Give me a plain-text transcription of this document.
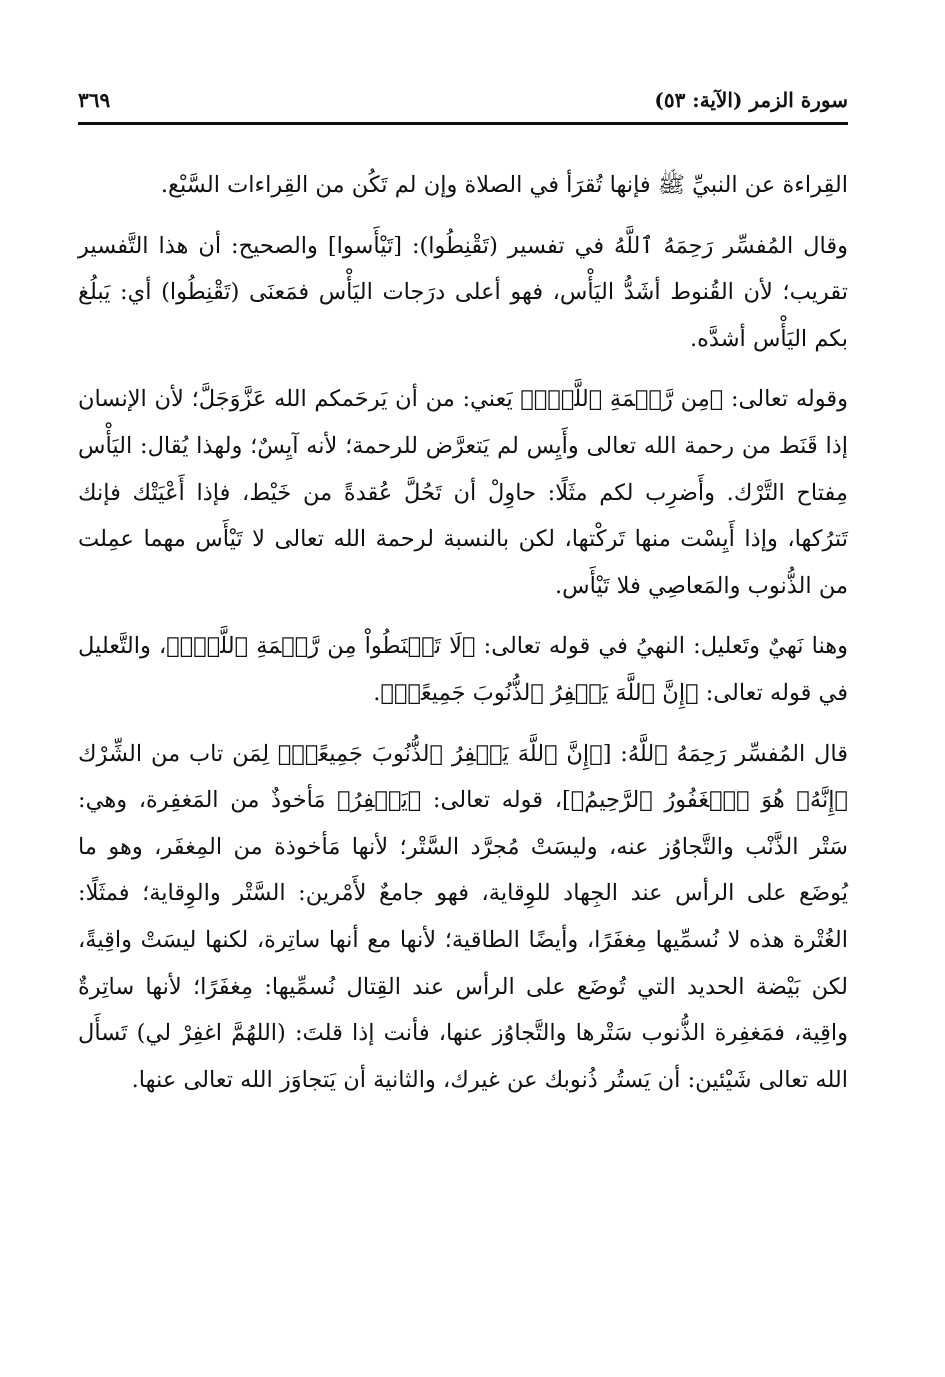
سورة الزمر (الآية: ٥٣)
٣٦٩

القِراءة عن النبيِّ ﷺ فإنها تُقرَأ في الصلاة وإن لم تَكُن من القِراءات السَّبْع.

وقال المُفسِّر رَحِمَهُ ٱللَّهُ في تفسير (تَقْنِطُوا): [تَيْأَسوا] والصحيح: أن هذا التَّفسير تقريب؛ لأن القُنوط أشَدُّ اليَأْس، فهو أعلى درَجات اليَأْس فمَعنَى (تَقْنِطُوا) أي: يَبلُغ بكم اليَأْس أشدَّه.

وقوله تعالى: ﴿مِن رَّحۡمَةِ ٱللَّهِۚ﴾ يَعني: من أن يَرحَمكم الله عَزَّوَجَلَّ؛ لأن الإنسان إذا قَنَط من رحمة الله تعالى وأَيِس لم يَتعرَّض للرحمة؛ لأنه آيِسٌ؛ ولهذا يُقال: اليَأْس مِفتاح التَّرْك. وأَضرِب لكم مثَلًا: حاوِلْ أن تَحُلَّ عُقدةً من خَيْط، فإذا أَعْيَتْك فإنك تَترُكها، وإذا أَيِسْت منها تَركْتها، لكن بالنسبة لرحمة الله تعالى لا تَيْأَس مهما عمِلت من الذُّنوب والمَعاصِي فلا تَيْأَس.

وهنا نَهيٌ وتَعليل: النهيُ في قوله تعالى: ﴿لَا تَقۡنَطُواْ مِن رَّحۡمَةِ ٱللَّهِۚ﴾، والتَّعليل في قوله تعالى: ﴿إِنَّ ٱللَّهَ يَغۡفِرُ ٱلذُّنُوبَ جَمِيعًاۚ﴾.

قال المُفسِّر رَحِمَهُ ٱللَّهُ: [﴿إِنَّ ٱللَّهَ يَغۡفِرُ ٱلذُّنُوبَ جَمِيعًاۚ﴾ لِمَن تاب من الشِّرْك ﴿إِنَّهُۥ هُوَ ٱلۡغَفُورُ ٱلرَّحِيمُ﴾]، قوله تعالى: ﴿يَغۡفِرُ﴾ مَأخوذٌ من المَغفِرة، وهي: سَتْر الذَّنْب والتَّجاوُز عنه، وليسَتْ مُجرَّد السَّتْر؛ لأنها مَأخوذة من المِغفَر، وهو ما يُوضَع على الرأس عند الجِهاد للوِقاية، فهو جامعٌ لأَمْرين: السَّتْر والوِقاية؛ فمثَلًا: الغُتْرة هذه لا نُسمِّيها مِغفَرًا، وأيضًا الطاقية؛ لأنها مع أنها ساتِرة، لكنها ليسَتْ واقِيةً، لكن بَيْضة الحديد التي تُوضَع على الرأس عند القِتال نُسمِّيها: مِغفَرًا؛ لأنها ساتِرةٌ واقِية، فمَغفِرة الذُّنوب سَتْرها والتَّجاوُز عنها، فأنت إذا قلتَ: (اللهُمَّ اغفِرْ لي) تَسأَل الله تعالى شَيْئين: أن يَستُر ذُنوبك عن غيرك، والثانية أن يَتجاوَز الله تعالى عنها.
